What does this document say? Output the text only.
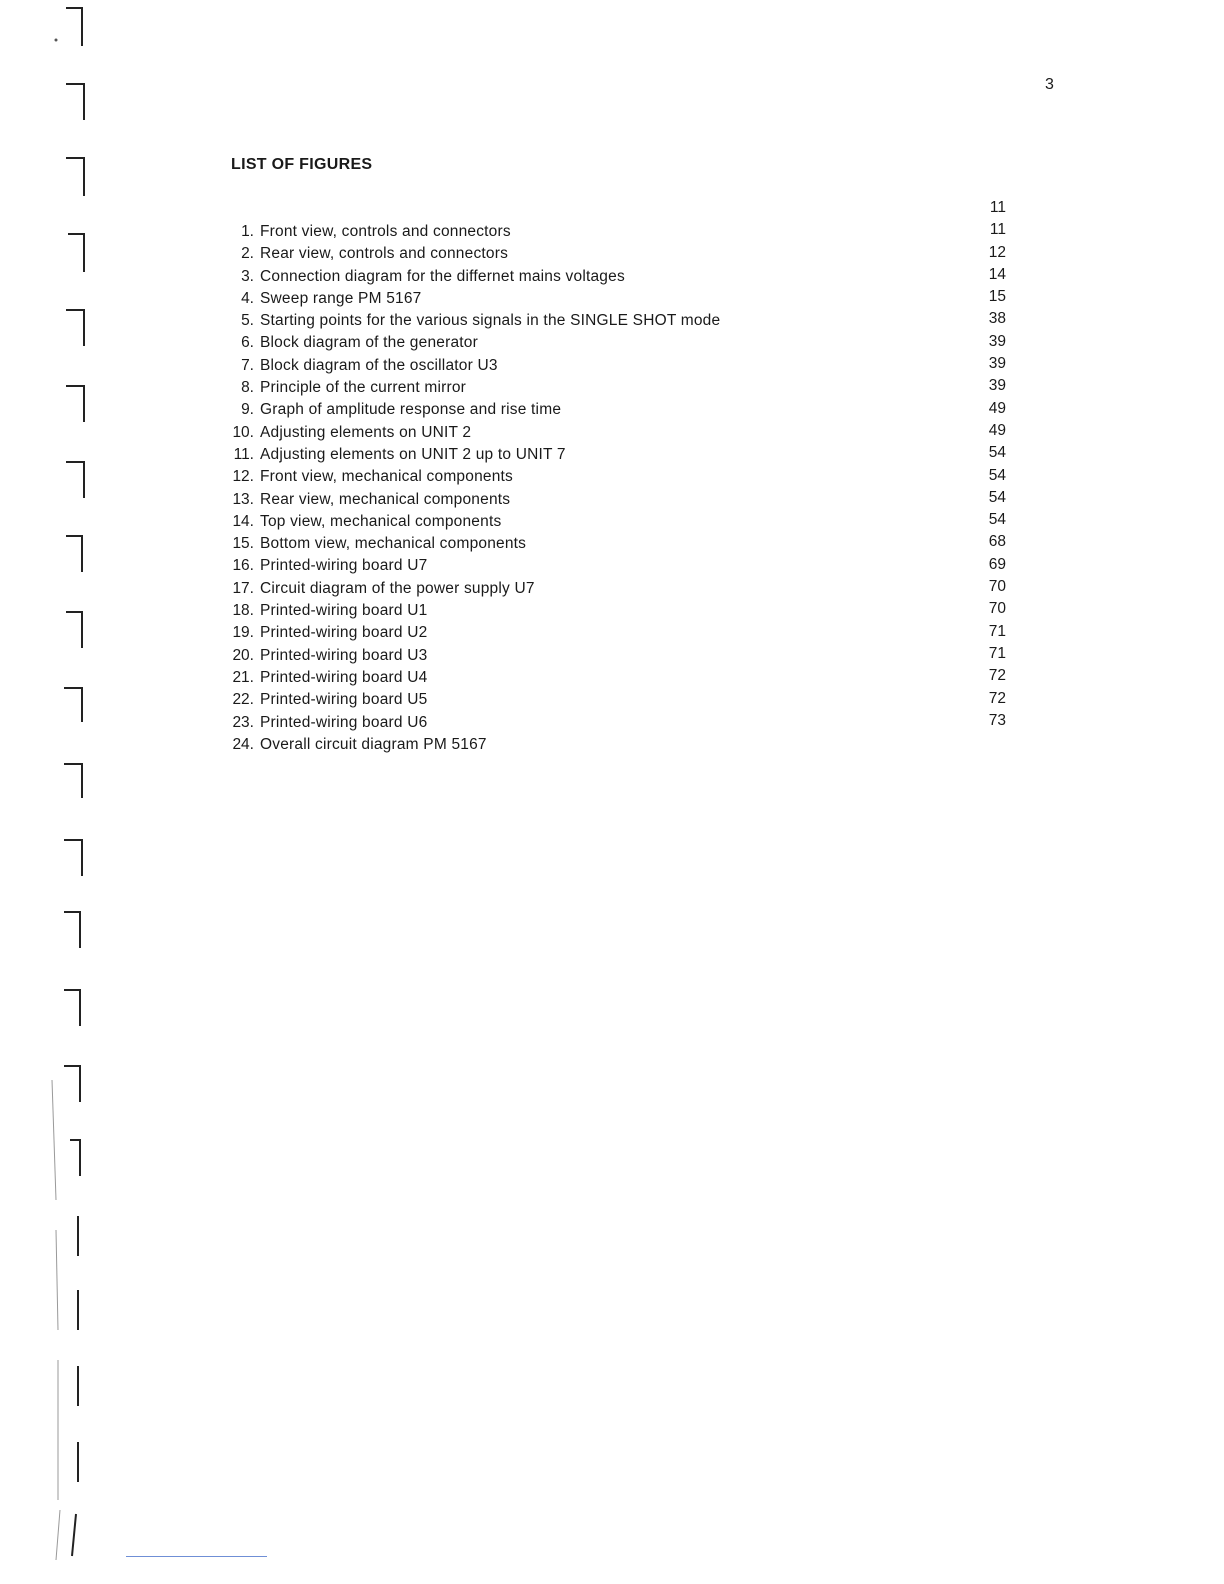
3
LIST OF FIGURES
1. Front view, controls and connectors
2. Rear view, controls and connectors
3. Connection diagram for the differnet mains voltages
4. Sweep range PM 5167
5. Starting points for the various signals in the SINGLE SHOT mode
6. Block diagram of the generator
7. Block diagram of the oscillator U3
8. Principle of the current mirror
9. Graph of amplitude response and rise time
10. Adjusting elements on UNIT 2
11. Adjusting elements on UNIT 2 up to UNIT 7
12. Front view, mechanical components
13. Rear view, mechanical components
14. Top view, mechanical components
15. Bottom view, mechanical components
16. Printed-wiring board U7
17. Circuit diagram of the power supply U7
18. Printed-wiring board U1
19. Printed-wiring board U2
20. Printed-wiring board U3
21. Printed-wiring board U4
22. Printed-wiring board U5
23. Printed-wiring board U6
24. Overall circuit diagram PM 5167
11
11
12
14
15
38
39
39
39
49
49
54
54
54
54
68
69
70
70
71
71
72
72
73
